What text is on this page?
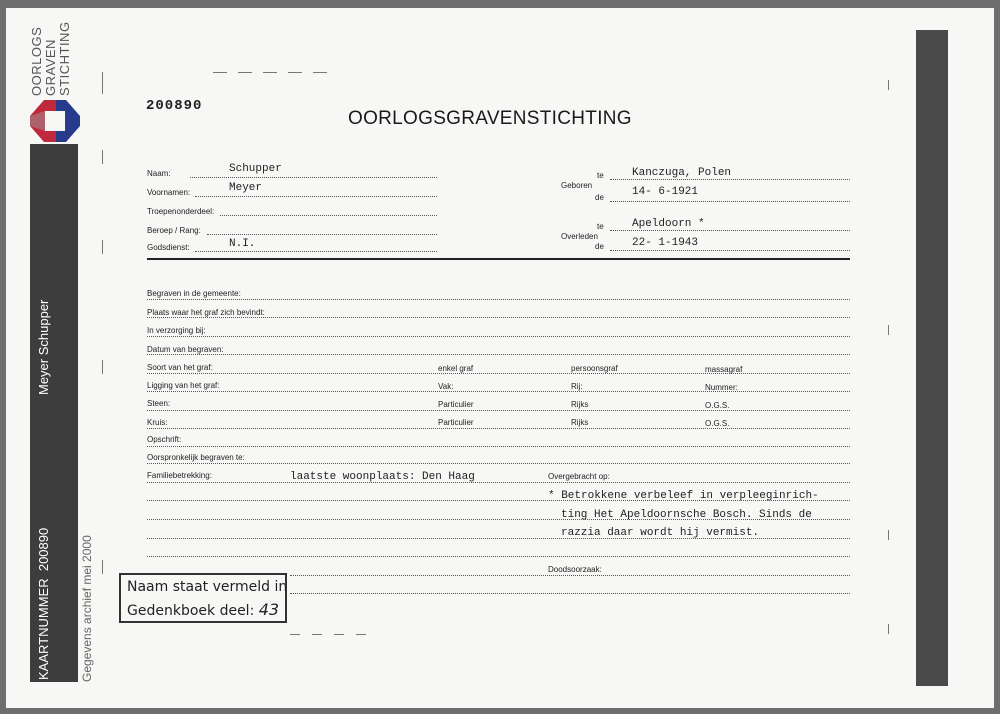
OORLOGS GRAVEN STICHTING
Meyer Schupper
KAARTNUMMER  200890 Gegevens archief mei 2000
200890
OORLOGSGRAVENSTICHTING
Naam:	Schupper
Voornamen:	Meyer
Troepenonderdeel:
Beroep / Rang:
Godsdienst:	N.I.
Geboren
te	Kanczuga, Polen
de	14- 6-1921
Overleden
te	Apeldoorn *
de	22- 1-1943
Begraven in de gemeente:
Plaats waar het graf zich bevindt:
In verzorging bij:
Datum van begraven:
Soort van het graf:	enkel graf	persoonsgraf	massagraf
Ligging van het graf:	Vak:	Rij:	Nummer:
Steen:	Particulier	Rijks	O.G.S.
Kruis:	Particulier	Rijks	O.G.S.
Opschrift:
Oorspronkelijk begraven te:
Familiebetrekking:	laatste woonplaats: Den Haag	Overgebracht op:
* Betrokkene verbeleef in verpleeginrich-
ting Het Apeldoornsche Bosch. Sinds de
razzia daar wordt hij vermist.
Doodsoorzaak:
Naam staat vermeld in
Gedenkboek deel: 43
